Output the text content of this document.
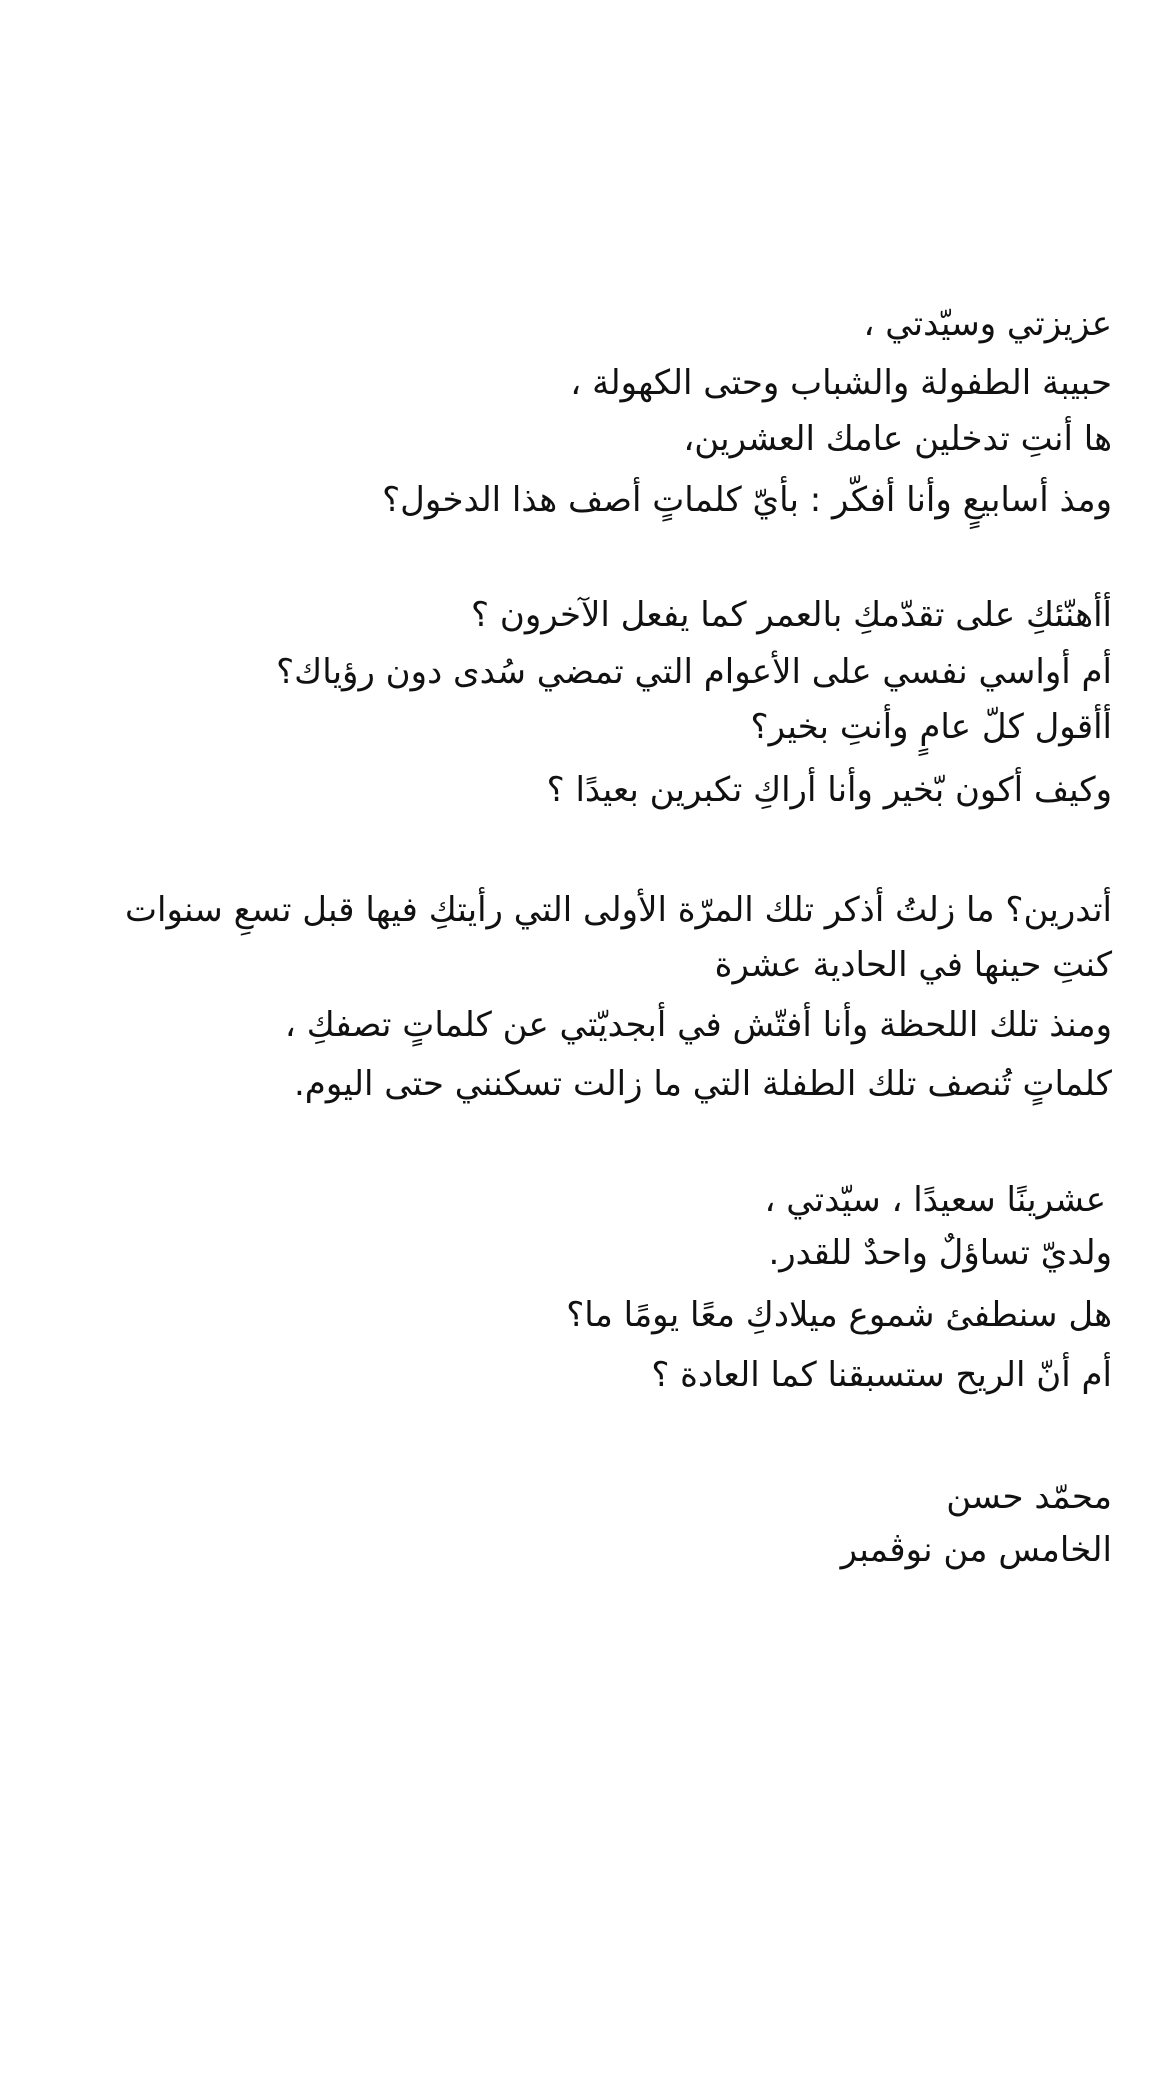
عزيزتي وسيّدتي ،
حبيبة الطفولة والشباب وحتى الكهولة ،
ها أنتِ تدخلين عامك العشرين،
ومذ أسابيعٍ وأنا أفكّر : بأيّ كلماتٍ أصف هذا الدخول؟
أأهنّئكِ على تقدّمكِ بالعمر كما يفعل الآخرون ؟
أم أواسي نفسي على الأعوام التي تمضي سُدى دون رؤياك؟
أأقول كلّ عامٍ وأنتِ بخير؟
وكيف أكون بّخير وأنا أراكِ تكبرين بعيدًا ؟
أتدرين؟ ما زلتُ أذكر تلك المرّة الأولى التي رأيتكِ فيها قبل تسعِ سنوات
كنتِ حينها في الحادية عشرة
ومنذ تلك اللحظة وأنا أفتّش في أبجديّتي عن كلماتٍ تصفكِ ،
كلماتٍ تُنصف تلك الطفلة التي ما زالت تسكنني حتى اليوم.
عشرينًا سعيدًا ، سيّدتي ،
ولديّ تساؤلٌ واحدٌ للقدر.
هل سنطفئ شموع ميلادكِ معًا يومًا ما؟
أم أنّ الريح ستسبقنا كما العادة ؟
محمّد حسن
الخامس من نوڤمبر
